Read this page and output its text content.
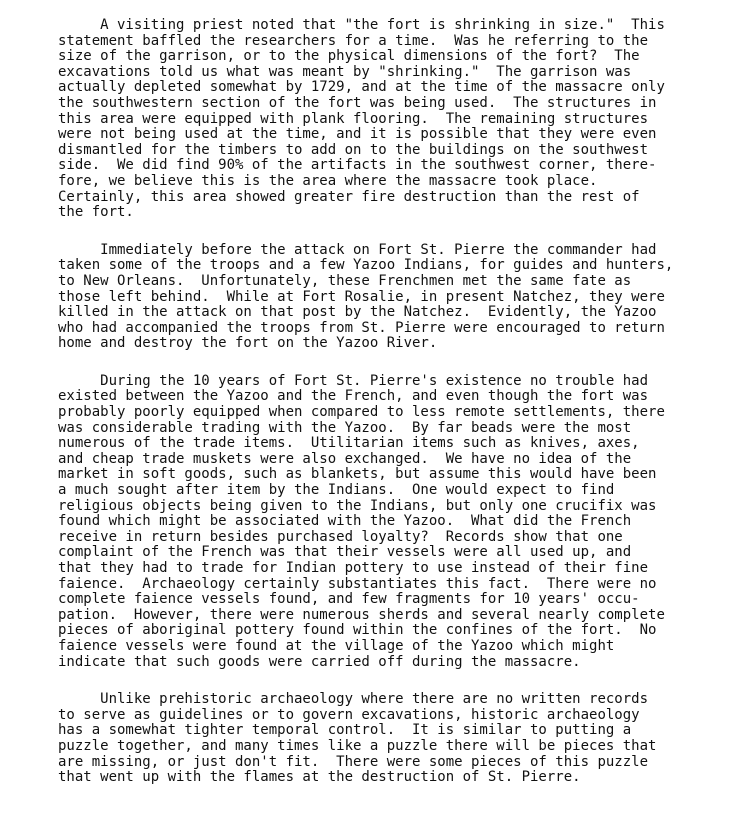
A visiting priest noted that "the fort is shrinking in size."  This
statement baffled the researchers for a time.  Was he referring to the
size of the garrison, or to the physical dimensions of the fort?  The
excavations told us what was meant by "shrinking."  The garrison was
actually depleted somewhat by 1729, and at the time of the massacre only
the southwestern section of the fort was being used.  The structures in
this area were equipped with plank flooring.  The remaining structures
were not being used at the time, and it is possible that they were even
dismantled for the timbers to add on to the buildings on the southwest
side.  We did find 90% of the artifacts in the southwest corner, there-
fore, we believe this is the area where the massacre took place.
Certainly, this area showed greater fire destruction than the rest of
the fort.
Immediately before the attack on Fort St. Pierre the commander had
taken some of the troops and a few Yazoo Indians, for guides and hunters,
to New Orleans.  Unfortunately, these Frenchmen met the same fate as
those left behind.  While at Fort Rosalie, in present Natchez, they were
killed in the attack on that post by the Natchez.  Evidently, the Yazoo
who had accompanied the troops from St. Pierre were encouraged to return
home and destroy the fort on the Yazoo River.
During the 10 years of Fort St. Pierre's existence no trouble had
existed between the Yazoo and the French, and even though the fort was
probably poorly equipped when compared to less remote settlements, there
was considerable trading with the Yazoo.  By far beads were the most
numerous of the trade items.  Utilitarian items such as knives, axes,
and cheap trade muskets were also exchanged.  We have no idea of the
market in soft goods, such as blankets, but assume this would have been
a much sought after item by the Indians.  One would expect to find
religious objects being given to the Indians, but only one crucifix was
found which might be associated with the Yazoo.  What did the French
receive in return besides purchased loyalty?  Records show that one
complaint of the French was that their vessels were all used up, and
that they had to trade for Indian pottery to use instead of their fine
faience.  Archaeology certainly substantiates this fact.  There were no
complete faience vessels found, and few fragments for 10 years' occu-
pation.  However, there were numerous sherds and several nearly complete
pieces of aboriginal pottery found within the confines of the fort.  No
faience vessels were found at the village of the Yazoo which might
indicate that such goods were carried off during the massacre.
Unlike prehistoric archaeology where there are no written records
to serve as guidelines or to govern excavations, historic archaeology
has a somewhat tighter temporal control.  It is similar to putting a
puzzle together, and many times like a puzzle there will be pieces that
are missing, or just don't fit.  There were some pieces of this puzzle
that went up with the flames at the destruction of St. Pierre.
